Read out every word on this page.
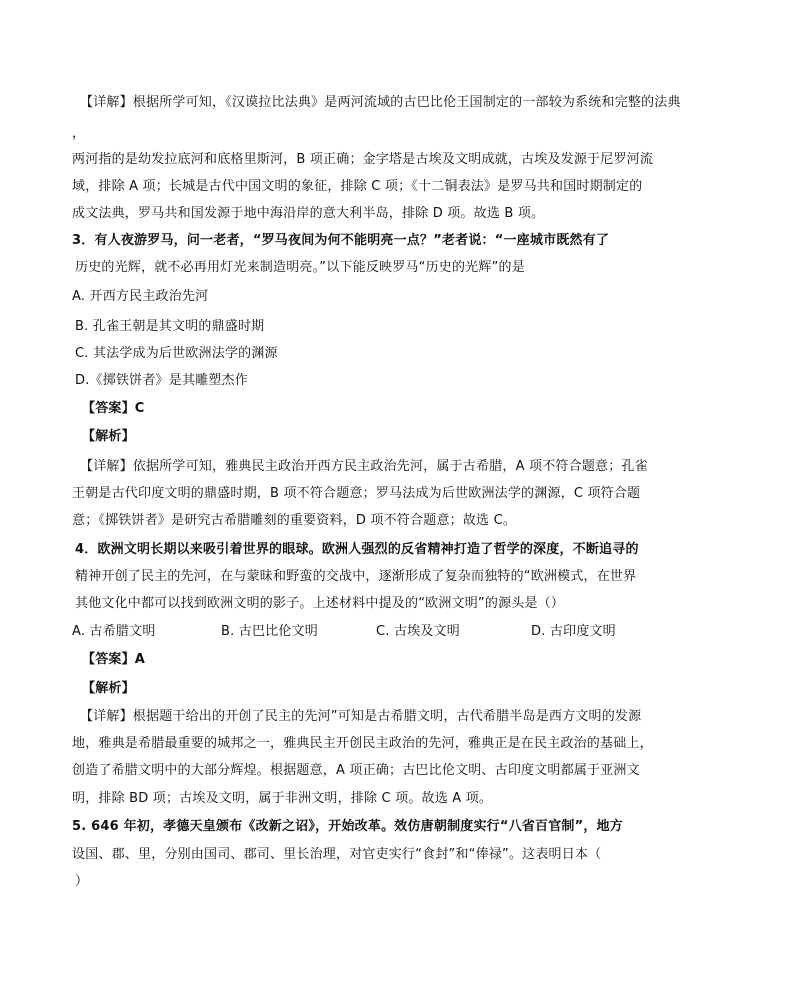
【详解】根据所学可知，《汉谟拉比法典》是两河流域的古巴比伦王国制定的一部较为系统和完整的法典
，
两河指的是幼发拉底河和底格里斯河，B 项正确；金字塔是古埃及文明成就，古埃及发源于尼罗河流
域，排除 A 项；长城是古代中国文明的象征，排除 C 项；《十二铜表法》是罗马共和国时期制定的
成文法典，罗马共和国发源于地中海沿岸的意大利半岛，排除 D 项。故选 B 项。
3．有人夜游罗马，问一老者，“罗马夜间为何不能明亮一点？”老者说：“一座城市既然有了
历史的光辉，就不必再用灯光来制造明亮。”以下能反映罗马“历史的光辉”的是
A. 开西方民主政治先河
B. 孔雀王朝是其文明的鼎盛时期
C. 其法学成为后世欧洲法学的渊源
D.《掷铁饼者》是其雕塑杰作
【答案】C
【解析】
【详解】依据所学可知，雅典民主政治开西方民主政治先河，属于古希腊，A 项不符合题意；孔雀
王朝是古代印度文明的鼎盛时期，B 项不符合题意；罗马法成为后世欧洲法学的渊源，C 项符合题
意；《掷铁饼者》是研究古希腊雕刻的重要资料，D 项不符合题意；故选 C。
4．欧洲文明长期以来吸引着世界的眼球。欧洲人强烈的反省精神打造了哲学的深度，不断追寻的
精神开创了民主的先河，在与蒙昧和野蛮的交战中，逐渐形成了复杂而独特的“欧洲模式，在世界
其他文化中都可以找到欧洲文明的影子。上述材料中提及的“欧洲文明”的源头是（）
A. 古希腊文明	B. 古巴比伦文明	C. 古埃及文明	D. 古印度文明
【答案】A
【解析】
【详解】根据题干给出的开创了民主的先河”可知是古希腊文明，古代希腊半岛是西方文明的发源
地，雅典是希腊最重要的城邦之一，雅典民主开创民主政治的先河，雅典正是在民主政治的基础上，
创造了希腊文明中的大部分辉煌。根据题意，A 项正确；古巴比伦文明、古印度文明都属于亚洲文
明，排除 BD 项；古埃及文明，属于非洲文明，排除 C 项。故选 A 项。
5. 646 年初，孝德天皇颁布《改新之诏》，开始改革。效仿唐朝制度实行“八省百官制”，地方
设国、郡、里，分别由国司、郡司、里长治理，对官吏实行“食封”和“俸禄”。这表明日本（
）
